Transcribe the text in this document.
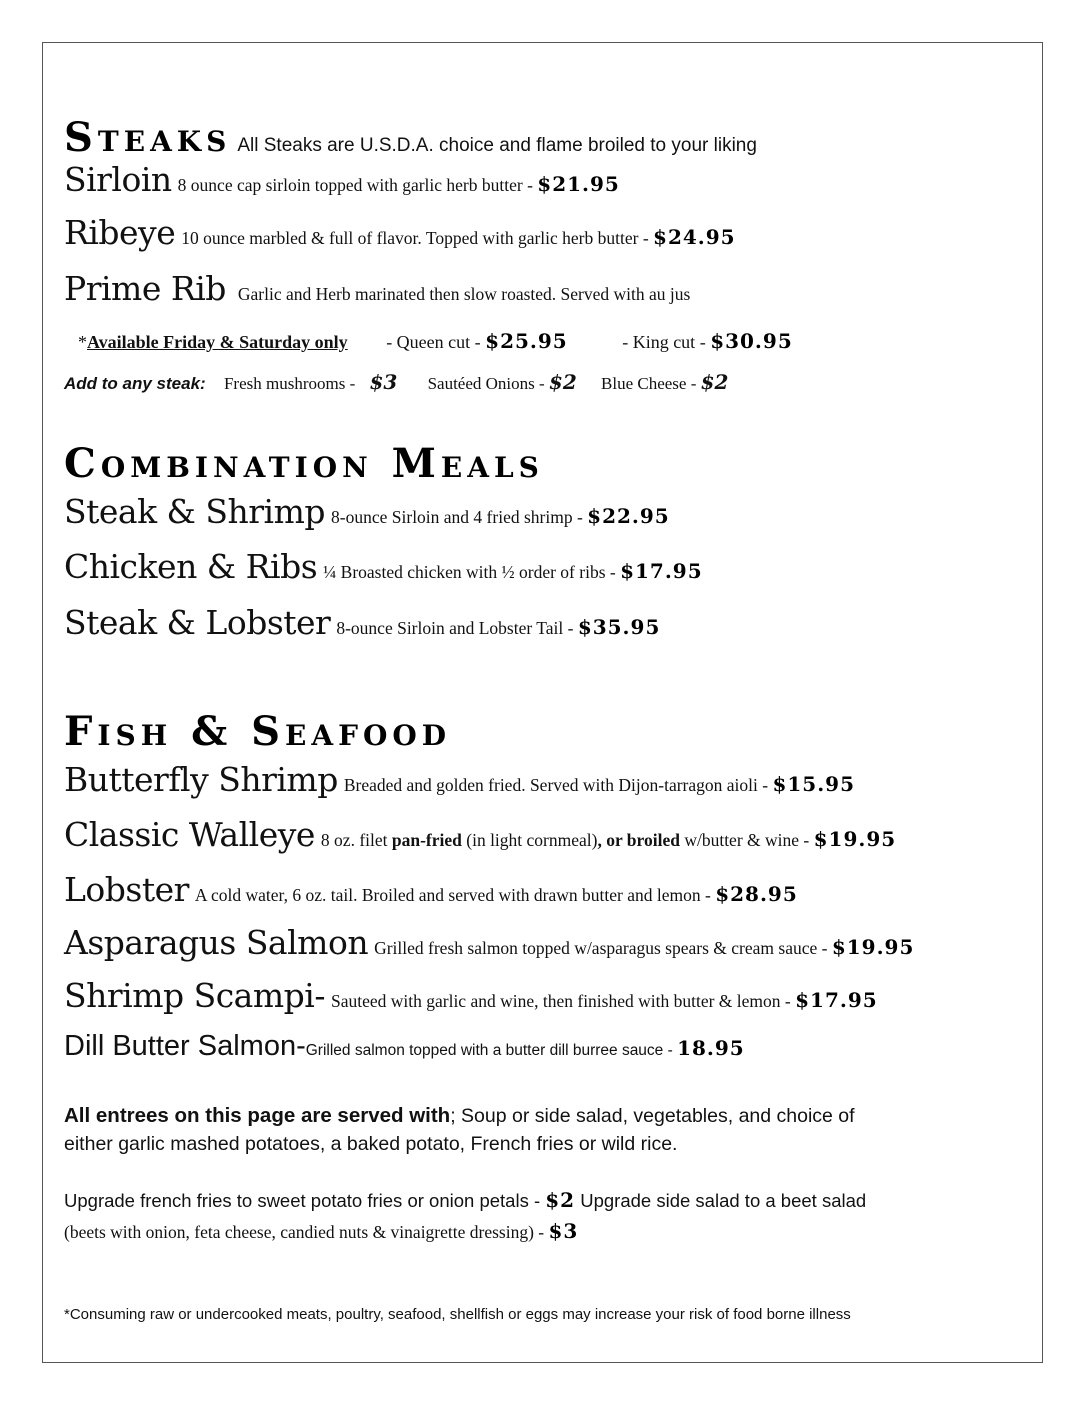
Steaks All Steaks are U.S.D.A. choice and flame broiled to your liking
Sirloin 8 ounce cap sirloin topped with garlic herb butter - $21.95
Ribeye 10 ounce marbled & full of flavor. Topped with garlic herb butter - $24.95
Prime Rib Garlic and Herb marinated then slow roasted. Served with au jus
*Available Friday & Saturday only - Queen cut - $25.95	- King cut - $30.95
Add to any steak: Fresh mushrooms - $3 Sautéed Onions - $2 Blue Cheese - $2
Combination Meals
Steak & Shrimp 8-ounce Sirloin and 4 fried shrimp - $22.95
Chicken & Ribs ¼ Broasted chicken with ½ order of ribs - $17.95
Steak & Lobster 8-ounce Sirloin and Lobster Tail - $35.95
Fish & Seafood
Butterfly Shrimp Breaded and golden fried. Served with Dijon-tarragon aioli - $15.95
Classic Walleye 8 oz. filet pan-fried (in light cornmeal), or broiled w/butter & wine - $19.95
Lobster A cold water, 6 oz. tail. Broiled and served with drawn butter and lemon - $28.95
Asparagus Salmon Grilled fresh salmon topped w/asparagus spears & cream sauce - $19.95
Shrimp Scampi- Sauteed with garlic and wine, then finished with butter & lemon - $17.95
Dill Butter Salmon-Grilled salmon topped with a butter dill burree sauce - 18.95
All entrees on this page are served with; Soup or side salad, vegetables, and choice of
either garlic mashed potatoes, a baked potato, French fries or wild rice.
Upgrade french fries to sweet potato fries or onion petals - $2 Upgrade side salad to a beet salad
(beets with onion, feta cheese, candied nuts & vinaigrette dressing) - $3
*Consuming raw or undercooked meats, poultry, seafood, shellfish or eggs may increase your risk of food borne illness
